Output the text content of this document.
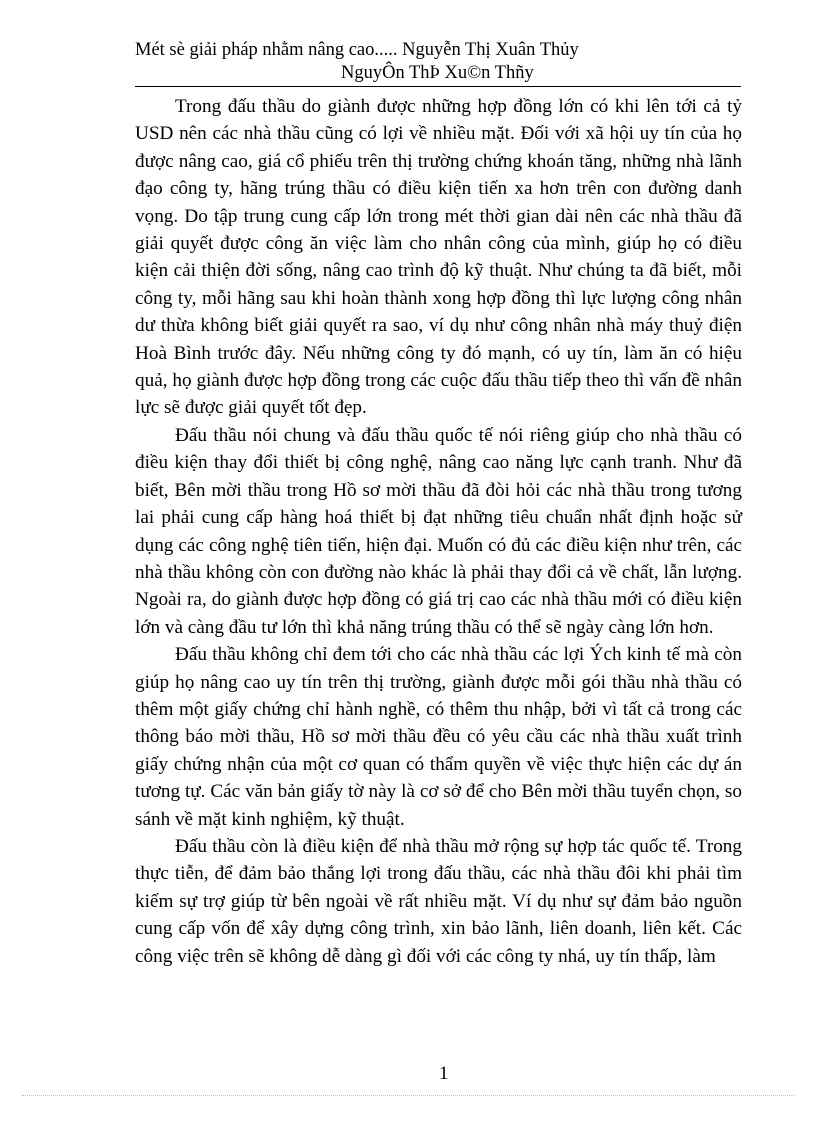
Mét sè giải pháp nhằm nâng cao..... Nguyễn Thị Xuân Thủy
NguyÔn ThÞ Xu©n Thñy

Trong đấu thầu do giành được những hợp đồng lớn có khi lên tới cả tỷ USD nên các nhà thầu cũng có lợi về nhiều mặt. Đối với xã hội uy tín của họ được nâng cao, giá cổ phiếu trên thị trường chứng khoán tăng, những nhà lãnh đạo công ty, hãng trúng thầu có điều kiện tiến xa hơn trên con đường danh vọng. Do tập trung cung cấp lớn trong mét thời gian dài nên các nhà thầu đã giải quyết được công ăn việc làm cho nhân công của mình, giúp họ có điều kiện cải thiện đời sống, nâng cao trình độ kỹ thuật. Như chúng ta đã biết, mỗi công ty, mỗi hãng sau khi hoàn thành xong hợp đồng thì lực lượng công nhân dư thừa không biết giải quyết ra sao, ví dụ như công nhân nhà máy thuỷ điện Hoà Bình trước đây. Nếu những công ty đó mạnh, có uy tín, làm ăn có hiệu quả, họ giành được hợp đồng trong các cuộc đấu thầu tiếp theo thì vấn đề nhân lực sẽ được giải quyết tốt đẹp.

Đấu thầu nói chung và đấu thầu quốc tế nói riêng giúp cho nhà thầu có điều kiện thay đổi thiết bị công nghệ, nâng cao năng lực cạnh tranh. Như đã biết, Bên mời thầu trong Hồ sơ mời thầu đã đòi hỏi các nhà thầu trong tương lai phải cung cấp hàng hoá thiết bị đạt những tiêu chuẩn nhất định hoặc sử dụng các công nghệ tiên tiến, hiện đại. Muốn có đủ các điều kiện như trên, các nhà thầu không còn con đường nào khác là phải thay đổi cả về chất, lẫn lượng. Ngoài ra, do giành được hợp đồng có giá trị cao các nhà thầu mới có điều kiện lớn và càng đầu tư lớn thì khả năng trúng thầu có thể sẽ ngày càng lớn hơn.

Đấu thầu không chỉ đem tới cho các nhà thầu các lợi Ých kinh tế mà còn giúp họ nâng cao uy tín trên thị trường, giành được mỗi gói thầu nhà thầu có thêm một giấy chứng chỉ hành nghề, có thêm thu nhập, bởi vì tất cả trong các thông báo mời thầu, Hồ sơ mời thầu đều có yêu cầu các nhà thầu xuất trình giấy chứng nhận của một cơ quan có thẩm quyền về việc thực hiện các dự án tương tự. Các văn bản giấy tờ này là cơ sở để cho Bên mời thầu tuyển chọn, so sánh về mặt kinh nghiệm, kỹ thuật.

Đấu thầu còn là điều kiện để nhà thầu mở rộng sự hợp tác quốc tế. Trong thực tiễn, để đảm bảo thắng lợi trong đấu thầu, các nhà thầu đôi khi phải tìm kiếm sự trợ giúp từ bên ngoài về rất nhiều mặt. Ví dụ như sự đảm bảo nguồn cung cấp vốn để xây dựng công trình, xin bảo lãnh, liên doanh, liên kết. Các công việc trên sẽ không dễ dàng gì đối với các công ty nhá, uy tín thấp, làm

1
